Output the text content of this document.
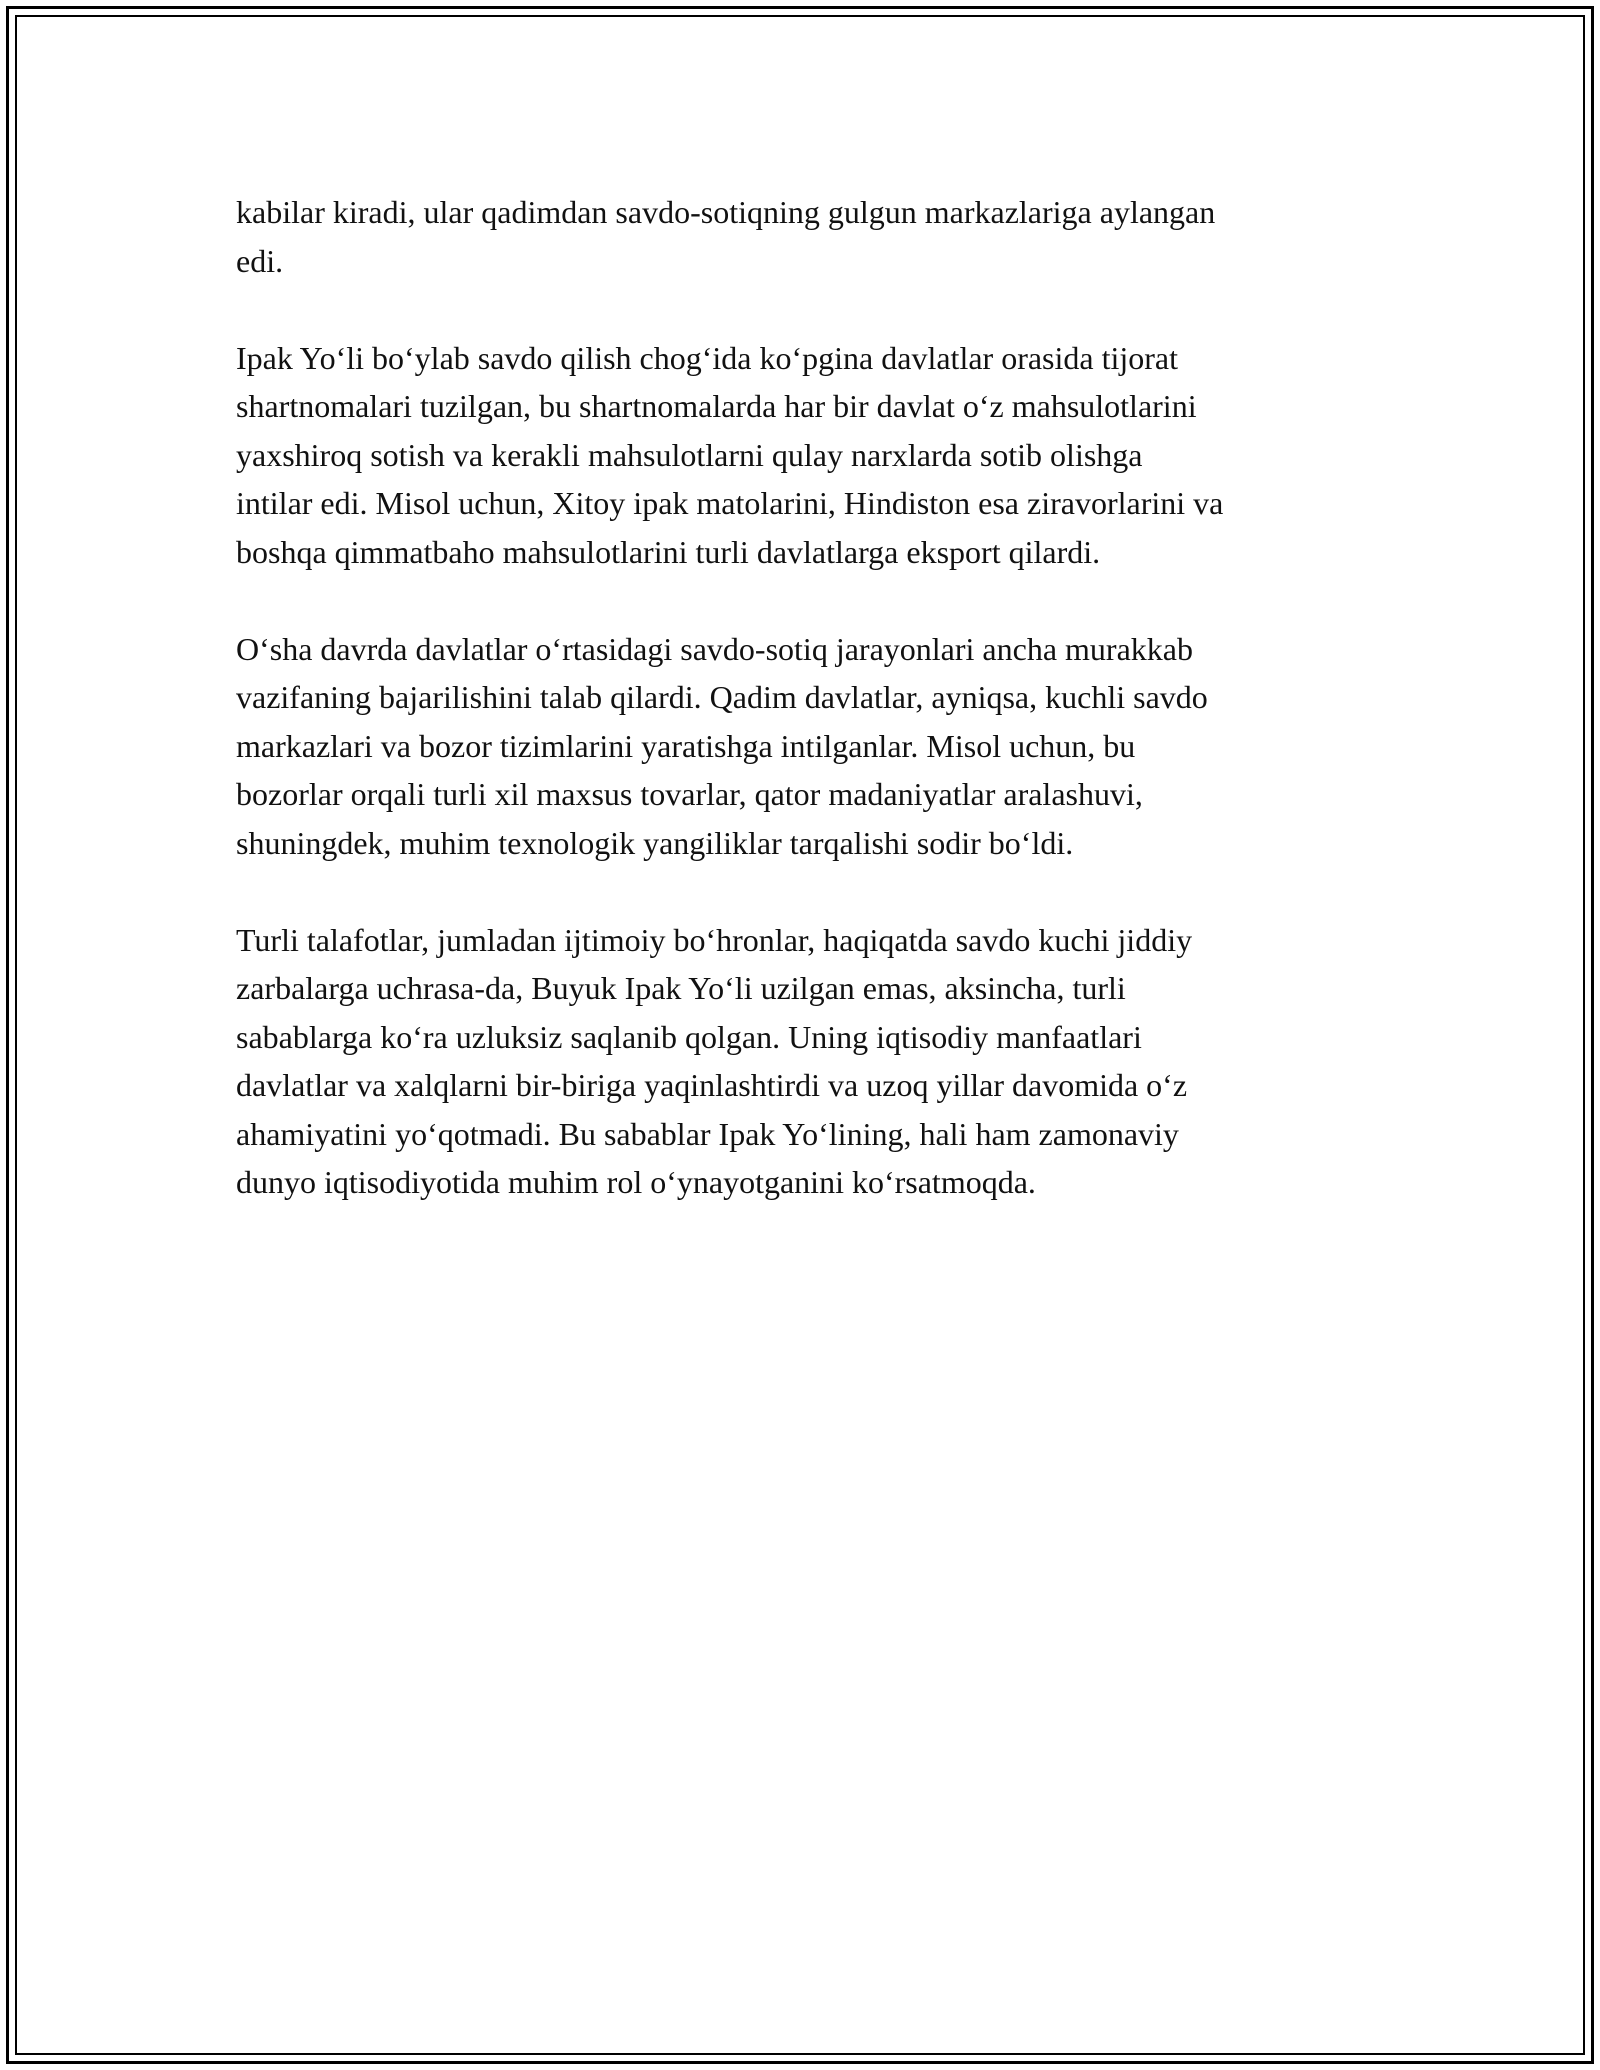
kabilar kiradi, ular qadimdan savdo-sotiqning gulgun markazlariga aylangan
edi.

Ipak Yo‘li bo‘ylab savdo qilish chog‘ida ko‘pgina davlatlar orasida tijorat
shartnomalari tuzilgan, bu shartnomalarda har bir davlat o‘z mahsulotlarini
yaxshiroq sotish va kerakli mahsulotlarni qulay narxlarda sotib olishga
intilar edi. Misol uchun, Xitoy ipak matolarini, Hindiston esa ziravorlarini va
boshqa qimmatbaho mahsulotlarini turli davlatlarga eksport qilardi.

O‘sha davrda davlatlar o‘rtasidagi savdo-sotiq jarayonlari ancha murakkab
vazifaning bajarilishini talab qilardi. Qadim davlatlar, ayniqsa, kuchli savdo
markazlari va bozor tizimlarini yaratishga intilganlar. Misol uchun, bu
bozorlar orqali turli xil maxsus tovarlar, qator madaniyatlar aralashuvi,
shuningdek, muhim texnologik yangiliklar tarqalishi sodir bo‘ldi.

Turli talafotlar, jumladan ijtimoiy bo‘hronlar, haqiqatda savdo kuchi jiddiy
zarbalarga uchrasa-da, Buyuk Ipak Yo‘li uzilgan emas, aksincha, turli
sabablarga ko‘ra uzluksiz saqlanib qolgan. Uning iqtisodiy manfaatlari
davlatlar va xalqlarni bir-biriga yaqinlashtirdi va uzoq yillar davomida o‘z
ahamiyatini yo‘qotmadi. Bu sabablar Ipak Yo‘lining, hali ham zamonaviy
dunyo iqtisodiyotida muhim rol o‘ynayotganini ko‘rsatmoqda.
